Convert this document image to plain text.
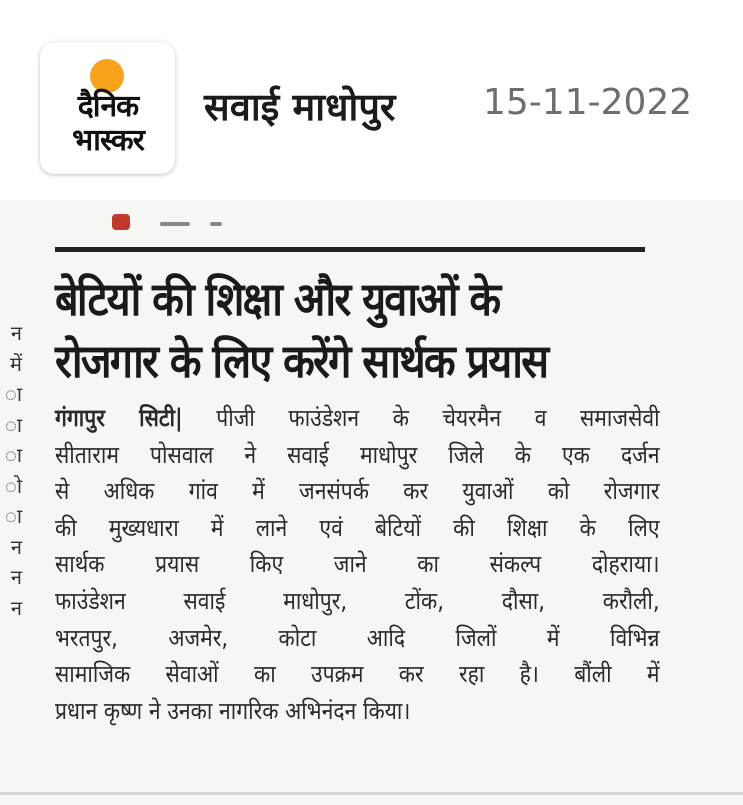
दैनिक
भास्कर
सवाई माधोपुर 15-11-2022
न
में
ा
ा
ा
ो
ा
न
न
न
बेटियों की शिक्षा और युवाओं के
रोजगार के लिए करेंगे सार्थक प्रयास
गंगापुर सिटी| पीजी फाउंडेशन के चेयरमैन व समाजसेवी
सीताराम पोसवाल ने सवाई माधोपुर जिले के एक दर्जन
से अधिक गांव में जनसंपर्क कर युवाओं को रोजगार
की मुख्यधारा में लाने एवं बेटियों की शिक्षा के लिए
सार्थक प्रयास किए जाने का संकल्प दोहराया।
फाउंडेशन सवाई माधोपुर, टोंक, दौसा, करौली,
भरतपुर, अजमेर, कोटा आदि जिलों में विभिन्न
सामाजिक सेवाओं का उपक्रम कर रहा है। बौंली में
प्रधान कृष्ण ने उनका नागरिक अभिनंदन किया।
